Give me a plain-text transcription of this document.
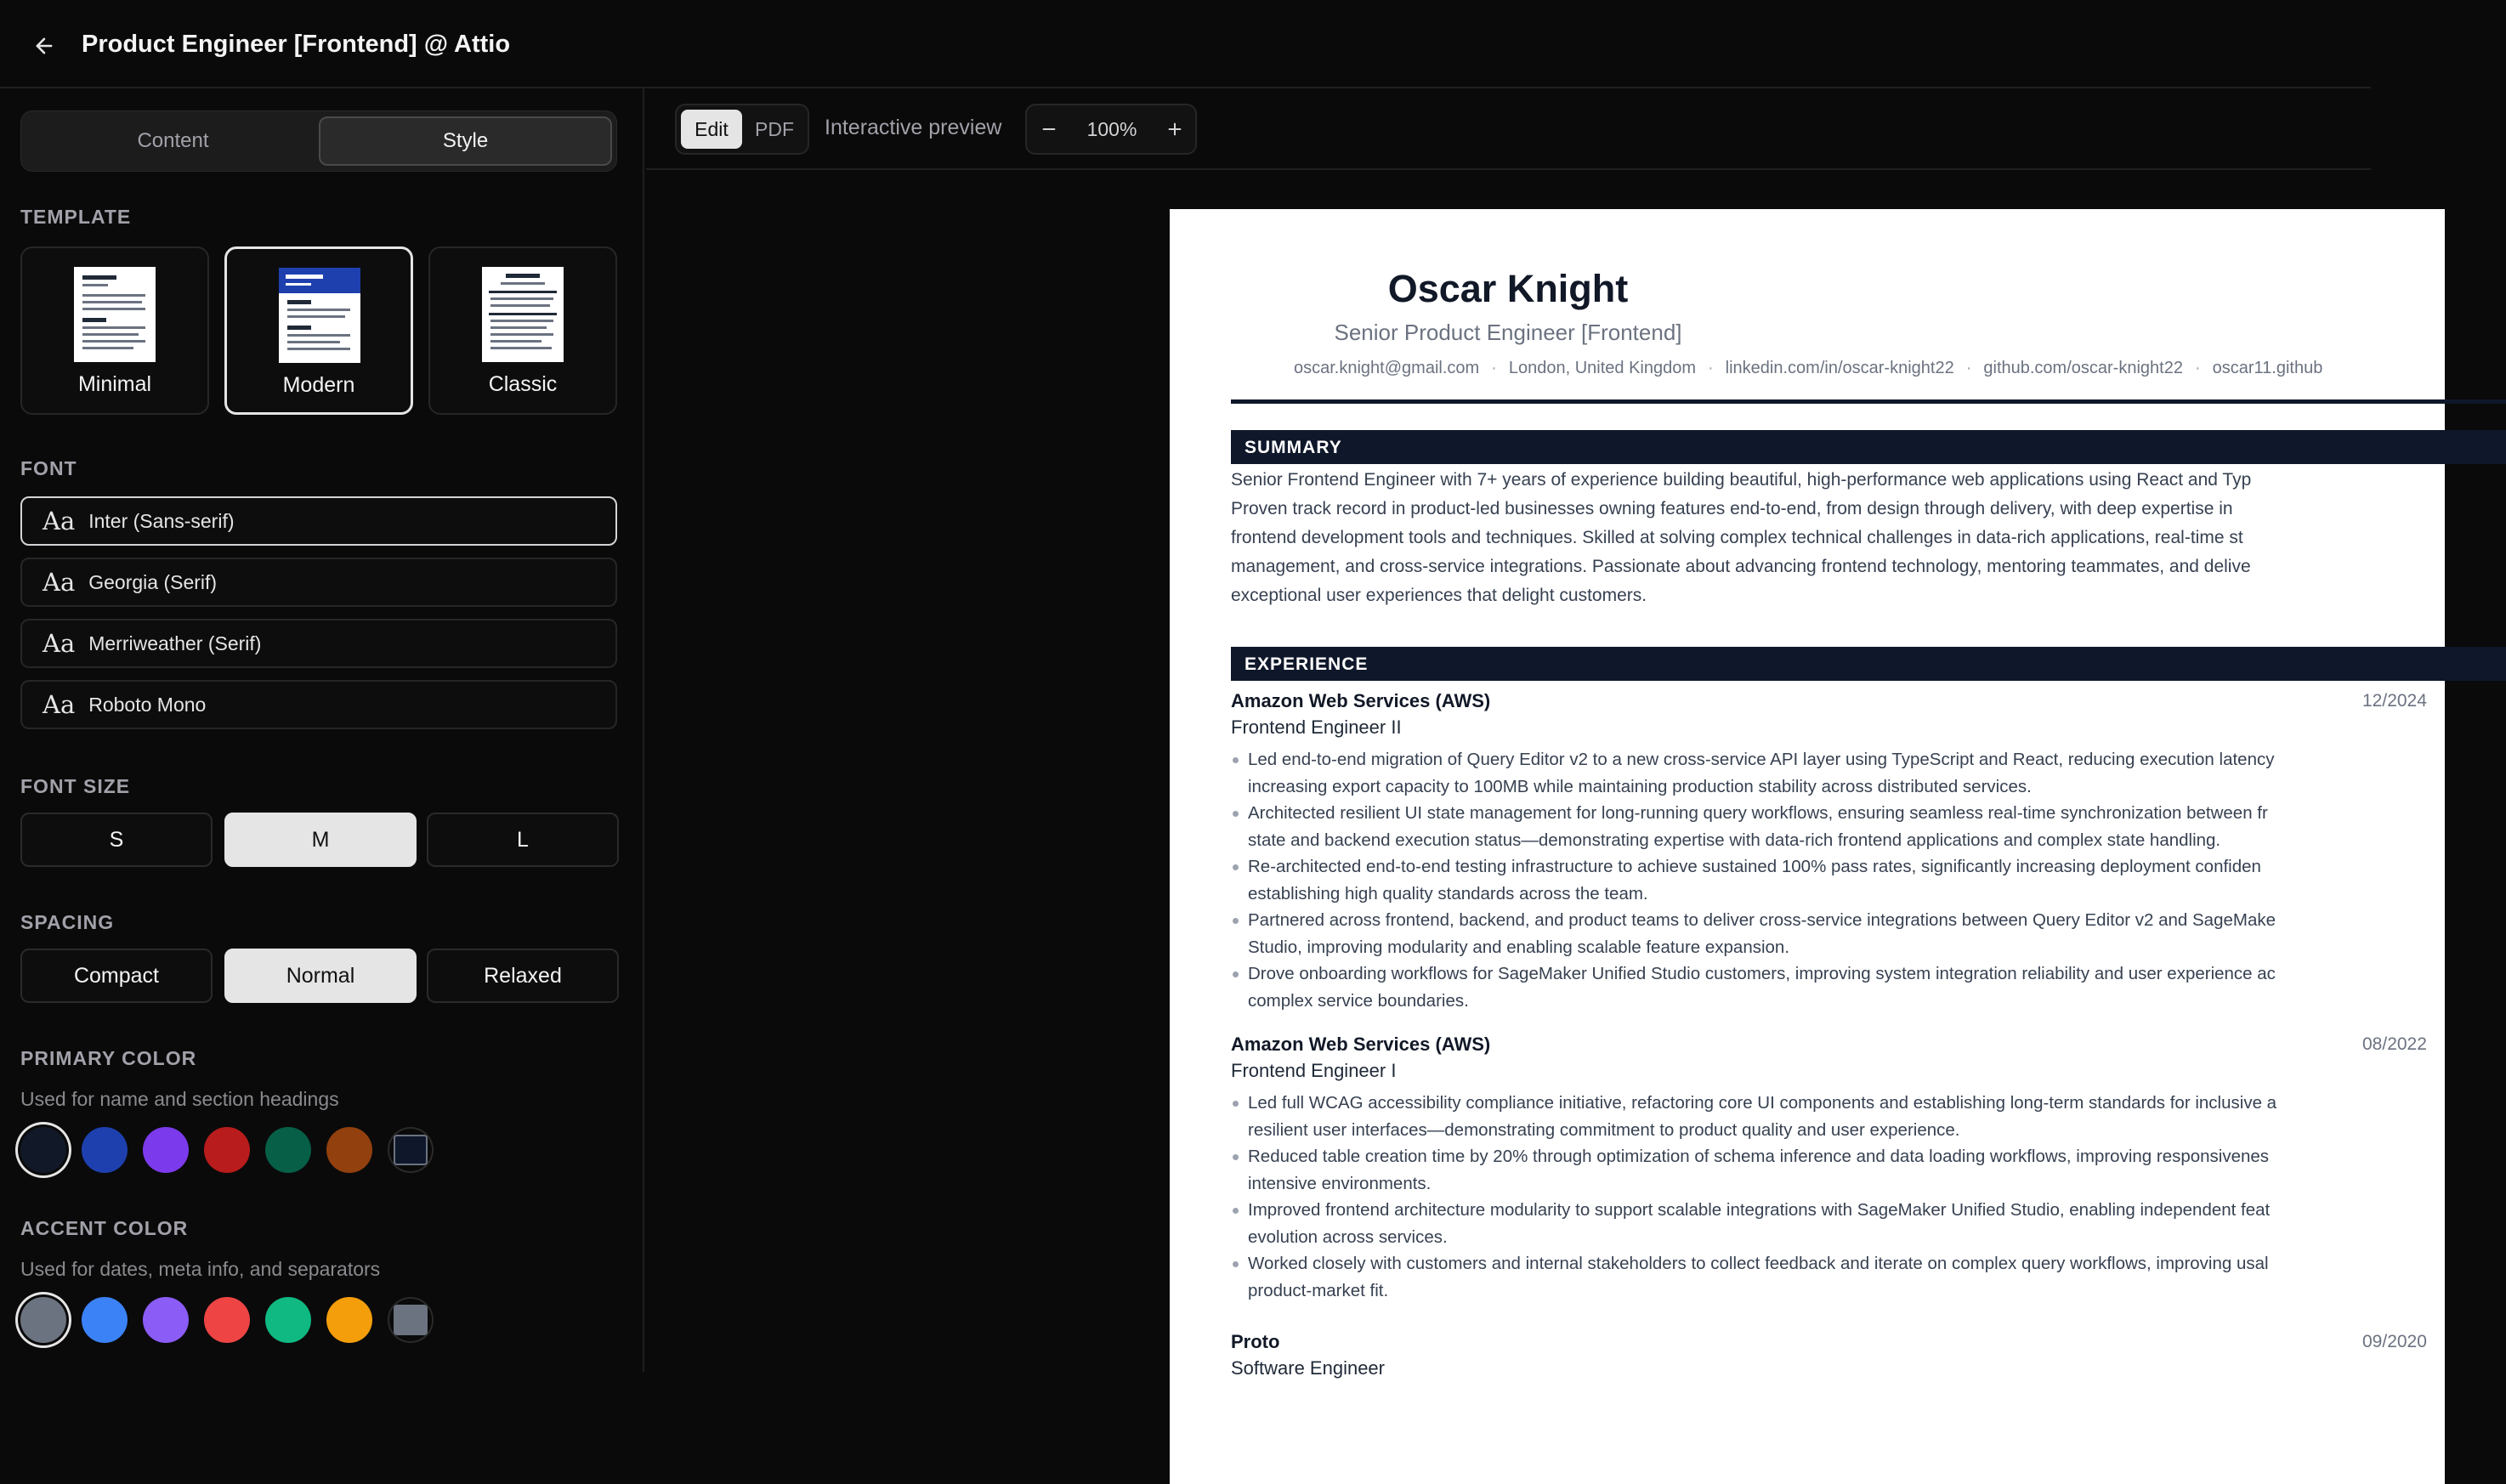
Product Engineer [Frontend] @ Attio
Content	Style
TEMPLATE
Minimal	Modern	Classic
FONT
Aa Inter (Sans-serif)
Aa Georgia (Serif)
Aa Merriweather (Serif)
Aa Roboto Mono
FONT SIZE
S	M	L
SPACING
Compact	Normal	Relaxed
PRIMARY COLOR
Used for name and section headings
ACCENT COLOR
Used for dates, meta info, and separators
Edit	PDF	Interactive preview	100%
Oscar Knight
Senior Product Engineer [Frontend]
oscar.knight@gmail.com · London, United Kingdom · linkedin.com/in/oscar-knight22 · github.com/oscar-knight22 · oscar11.github
SUMMARY
Senior Frontend Engineer with 7+ years of experience building beautiful, high-performance web applications using React and Typ
Proven track record in product-led businesses owning features end-to-end, from design through delivery, with deep expertise in
frontend development tools and techniques. Skilled at solving complex technical challenges in data-rich applications, real-time st
management, and cross-service integrations. Passionate about advancing frontend technology, mentoring teammates, and delive
exceptional user experiences that delight customers.
EXPERIENCE
Amazon Web Services (AWS)	12/2024
Frontend Engineer II
Led end-to-end migration of Query Editor v2 to a new cross-service API layer using TypeScript and React, reducing execution latency
increasing export capacity to 100MB while maintaining production stability across distributed services.
Architected resilient UI state management for long-running query workflows, ensuring seamless real-time synchronization between fr
state and backend execution status—demonstrating expertise with data-rich frontend applications and complex state handling.
Re-architected end-to-end testing infrastructure to achieve sustained 100% pass rates, significantly increasing deployment confiden
establishing high quality standards across the team.
Partnered across frontend, backend, and product teams to deliver cross-service integrations between Query Editor v2 and SageMake
Studio, improving modularity and enabling scalable feature expansion.
Drove onboarding workflows for SageMaker Unified Studio customers, improving system integration reliability and user experience ac
complex service boundaries.
Amazon Web Services (AWS)	08/2022
Frontend Engineer I
Led full WCAG accessibility compliance initiative, refactoring core UI components and establishing long-term standards for inclusive a
resilient user interfaces—demonstrating commitment to product quality and user experience.
Reduced table creation time by 20% through optimization of schema inference and data loading workflows, improving responsivenes
intensive environments.
Improved frontend architecture modularity to support scalable integrations with SageMaker Unified Studio, enabling independent feat
evolution across services.
Worked closely with customers and internal stakeholders to collect feedback and iterate on complex query workflows, improving usal
product-market fit.
Proto	09/2020
Software Engineer
